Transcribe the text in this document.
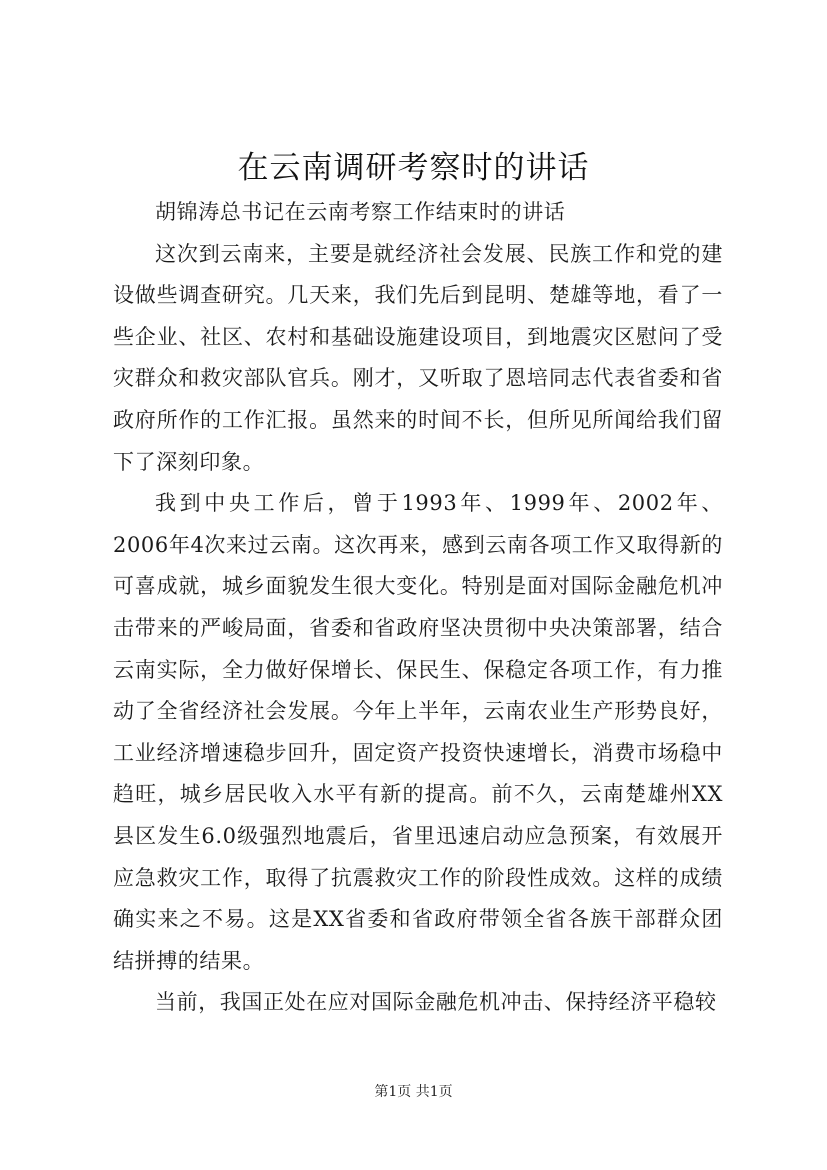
在云南调研考察时的讲话

胡锦涛总书记在云南考察工作结束时的讲话

这次到云南来，主要是就经济社会发展、民族工作和党的建设做些调查研究。几天来，我们先后到昆明、楚雄等地，看了一些企业、社区、农村和基础设施建设项目，到地震灾区慰问了受灾群众和救灾部队官兵。刚才，又听取了恩培同志代表省委和省政府所作的工作汇报。虽然来的时间不长，但所见所闻给我们留下了深刻印象。

我到中央工作后，曾于1993年、1999年、2002年、2006年4次来过云南。这次再来，感到云南各项工作又取得新的可喜成就，城乡面貌发生很大变化。特别是面对国际金融危机冲击带来的严峻局面，省委和省政府坚决贯彻中央决策部署，结合云南实际，全力做好保增长、保民生、保稳定各项工作，有力推动了全省经济社会发展。今年上半年，云南农业生产形势良好，工业经济增速稳步回升，固定资产投资快速增长，消费市场稳中趋旺，城乡居民收入水平有新的提高。前不久，云南楚雄州XX县区发生6.0级强烈地震后，省里迅速启动应急预案，有效展开应急救灾工作，取得了抗震救灾工作的阶段性成效。这样的成绩确实来之不易。这是XX省委和省政府带领全省各族干部群众团结拼搏的结果。

当前，我国正处在应对国际金融危机冲击、保持经济平稳较

第1页 共1页
